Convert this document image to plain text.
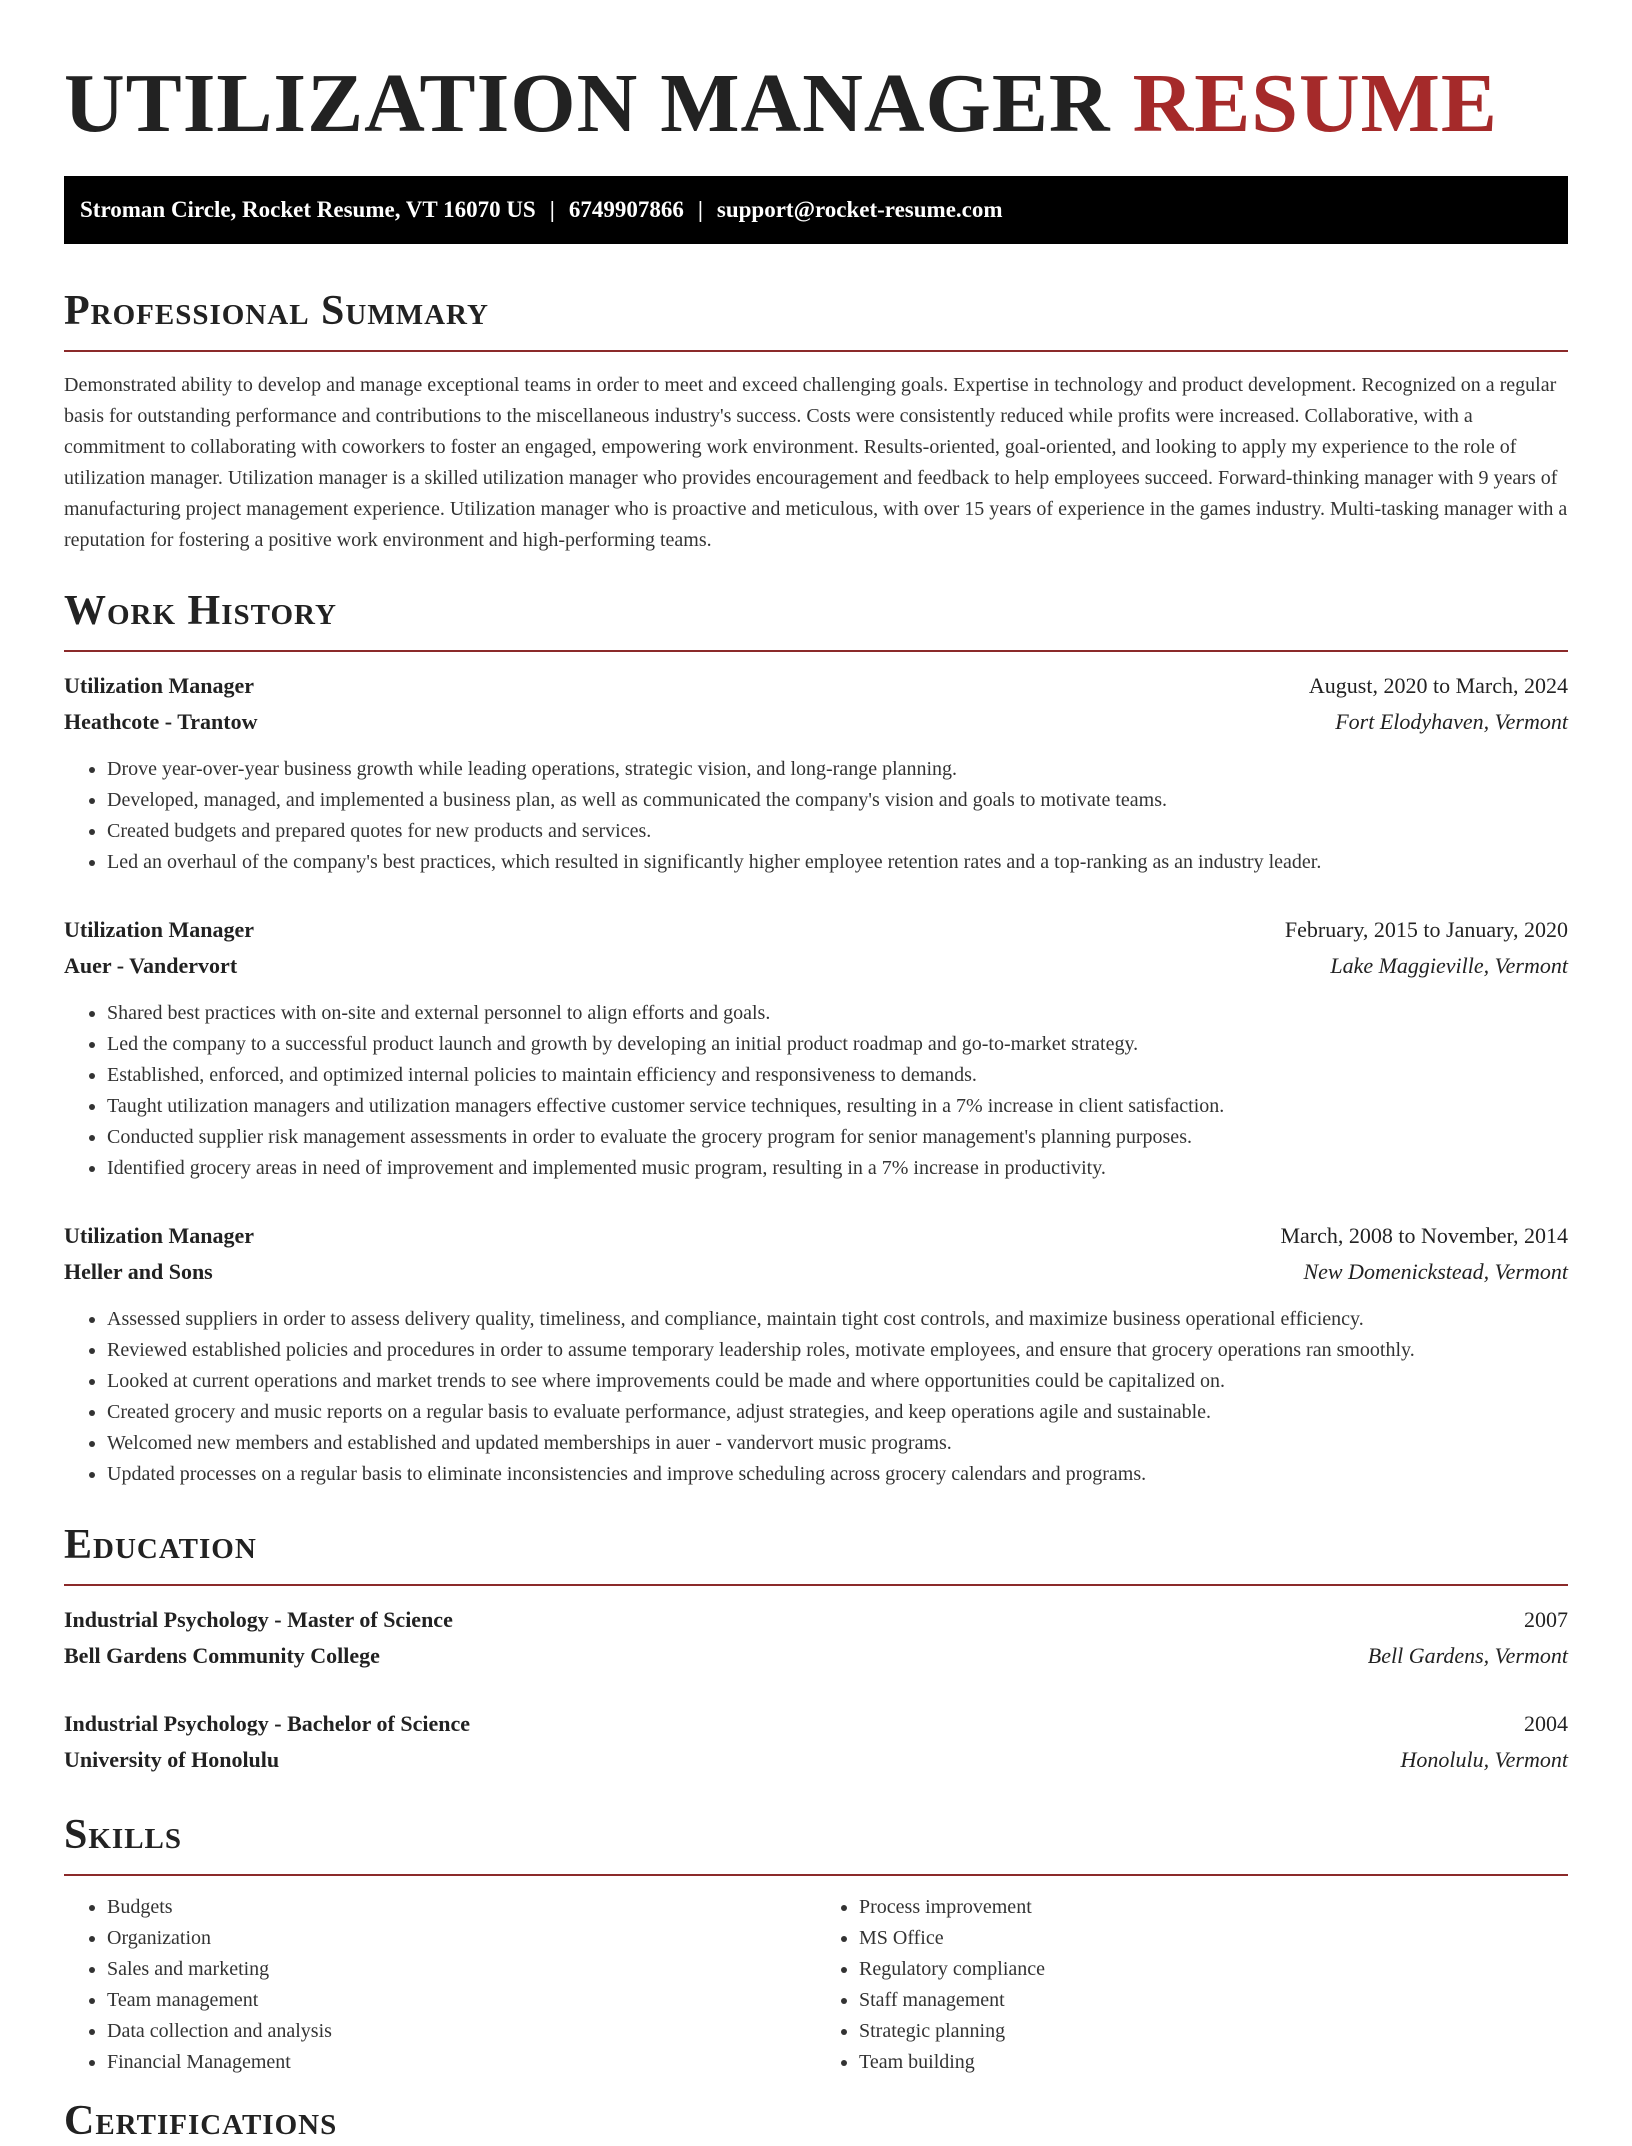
UTILIZATION MANAGER RESUME
Stroman Circle, Rocket Resume, VT 16070 US | 6749907866 | support@rocket-resume.com
Professional Summary

Demonstrated ability to develop and manage exceptional teams in order to meet and exceed challenging goals. Expertise in technology and product development. Recognized on a regular basis for outstanding performance and contributions to the miscellaneous industry's success. Costs were consistently reduced while profits were increased. Collaborative, with a commitment to collaborating with coworkers to foster an engaged, empowering work environment. Results-oriented, goal-oriented, and looking to apply my experience to the role of utilization manager. Utilization manager is a skilled utilization manager who provides encouragement and feedback to help employees succeed. Forward-thinking manager with 9 years of manufacturing project management experience. Utilization manager who is proactive and meticulous, with over 15 years of experience in the games industry. Multi-tasking manager with a reputation for fostering a positive work environment and high-performing teams.

Work History
Utilization Manager	August, 2020 to March, 2024
Heathcote - Trantow	Fort Elodyhaven, Vermont
• Drove year-over-year business growth while leading operations, strategic vision, and long-range planning.
• Developed, managed, and implemented a business plan, as well as communicated the company's vision and goals to motivate teams.
• Created budgets and prepared quotes for new products and services.
• Led an overhaul of the company's best practices, which resulted in significantly higher employee retention rates and a top-ranking as an industry leader.
Utilization Manager	February, 2015 to January, 2020
Auer - Vandervort	Lake Maggieville, Vermont
• Shared best practices with on-site and external personnel to align efforts and goals.
• Led the company to a successful product launch and growth by developing an initial product roadmap and go-to-market strategy.
• Established, enforced, and optimized internal policies to maintain efficiency and responsiveness to demands.
• Taught utilization managers and utilization managers effective customer service techniques, resulting in a 7% increase in client satisfaction.
• Conducted supplier risk management assessments in order to evaluate the grocery program for senior management's planning purposes.
• Identified grocery areas in need of improvement and implemented music program, resulting in a 7% increase in productivity.
Utilization Manager	March, 2008 to November, 2014
Heller and Sons	New Domenickstead, Vermont
• Assessed suppliers in order to assess delivery quality, timeliness, and compliance, maintain tight cost controls, and maximize business operational efficiency.
• Reviewed established policies and procedures in order to assume temporary leadership roles, motivate employees, and ensure that grocery operations ran smoothly.
• Looked at current operations and market trends to see where improvements could be made and where opportunities could be capitalized on.
• Created grocery and music reports on a regular basis to evaluate performance, adjust strategies, and keep operations agile and sustainable.
• Welcomed new members and established and updated memberships in auer - vandervort music programs.
• Updated processes on a regular basis to eliminate inconsistencies and improve scheduling across grocery calendars and programs.
Education
Industrial Psychology - Master of Science	2007
Bell Gardens Community College	Bell Gardens, Vermont
Industrial Psychology - Bachelor of Science	2004
University of Honolulu	Honolulu, Vermont
Skills
• Budgets
• Organization
• Sales and marketing
• Team management
• Data collection and analysis
• Financial Management
• Process improvement
• MS Office
• Regulatory compliance
• Staff management
• Strategic planning
• Team building
Certifications
